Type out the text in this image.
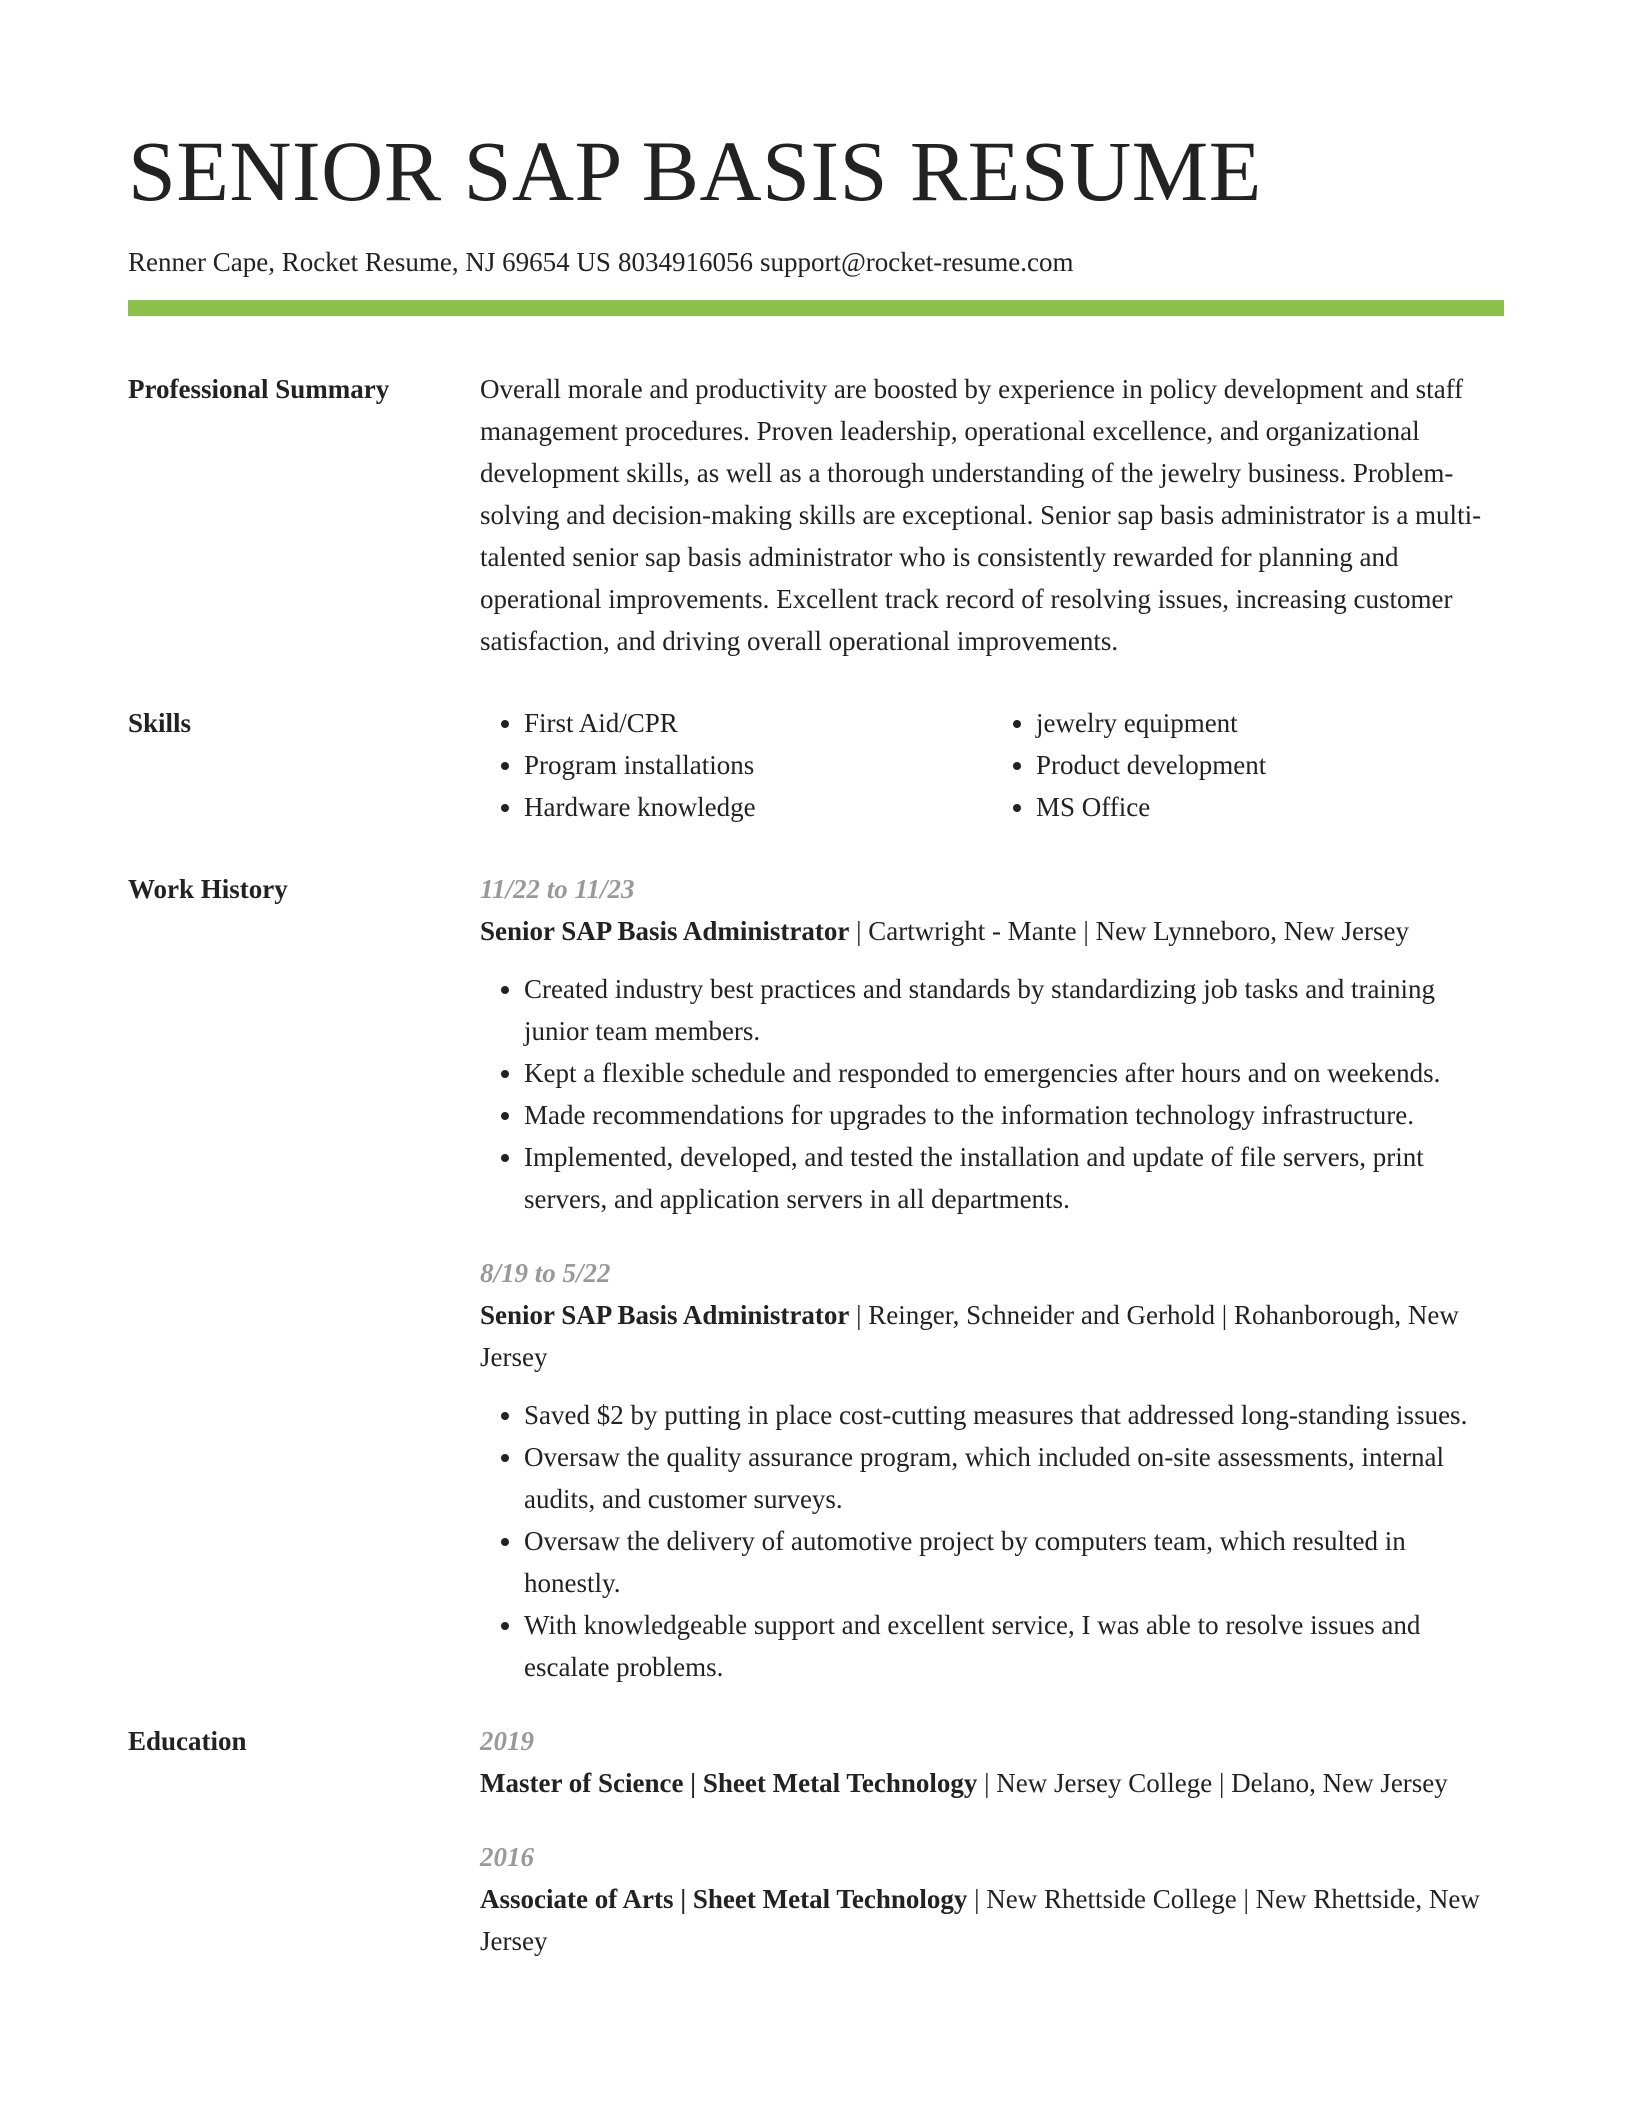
SENIOR SAP BASIS RESUME
Renner Cape, Rocket Resume, NJ 69654 US 8034916056 support@rocket-resume.com
Professional Summary	Overall morale and productivity are boosted by experience in policy development and staff management procedures. Proven leadership, operational excellence, and organizational development skills, as well as a thorough understanding of the jewelry business. Problem-solving and decision-making skills are exceptional. Senior sap basis administrator is a multi-talented senior sap basis administrator who is consistently rewarded for planning and operational improvements. Excellent track record of resolving issues, increasing customer satisfaction, and driving overall operational improvements.

Skills
•	First Aid/CPR
• Program installations
• Hardware knowledge
• jewelry equipment
• Product development
• MS Office
Work History	11/22 to 11/23

Senior SAP Basis Administrator | Cartwright - Mante | New Lynneboro, New Jersey

• Created industry best practices and standards by standardizing job tasks and training junior team members.
• Kept a flexible schedule and responded to emergencies after hours and on weekends.
• Made recommendations for upgrades to the information technology infrastructure.
• Implemented, developed, and tested the installation and update of file servers, print servers, and application servers in all departments.
8/19 to 5/22

Senior SAP Basis Administrator | Reinger, Schneider and Gerhold | Rohanborough, New Jersey

• Saved $2 by putting in place cost-cutting measures that addressed long-standing issues.
• Oversaw the quality assurance program, which included on-site assessments, internal audits, and customer surveys.
• Oversaw the delivery of automotive project by computers team, which resulted in honestly.
• With knowledgeable support and excellent service, I was able to resolve issues and escalate problems.
Education	2019

Master of Science | Sheet Metal Technology | New Jersey College | Delano, New Jersey

2016

Associate of Arts | Sheet Metal Technology | New Rhettside College | New Rhettside, New Jersey
